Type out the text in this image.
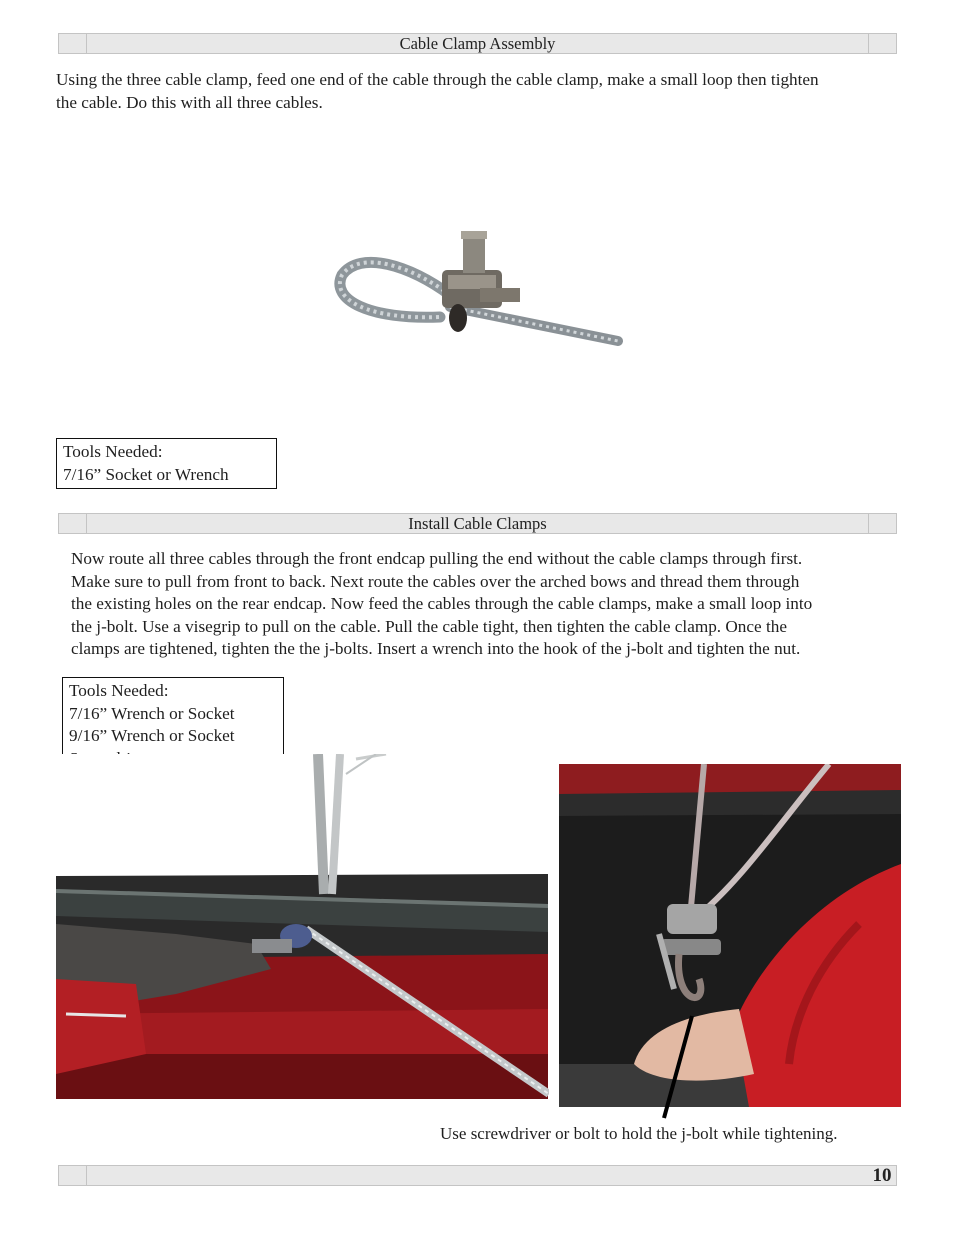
Cable Clamp Assembly
Using the three cable clamp, feed one end of the cable through the cable clamp, make a small loop then tighten
the cable. Do this with all three cables.
Tools Needed:
7/16” Socket or Wrench
Install Cable Clamps
Now route all three cables through the front endcap pulling the end without the cable clamps through first.
Make sure to pull from front to back. Next route the cables over the arched bows and thread them through
the existing holes on the rear endcap. Now feed the cables through the cable clamps, make a small loop into
the j-bolt. Use a visegrip to pull on the cable. Pull the cable tight, then tighten the cable clamp. Once the
clamps are tightened, tighten the the j-bolts. Insert a wrench into the hook of the j-bolt and tighten the nut.
Tools Needed:
7/16” Wrench or Socket
9/16” Wrench or Socket
Use screwdriver or bolt to hold the j-bolt while tightening.
10
